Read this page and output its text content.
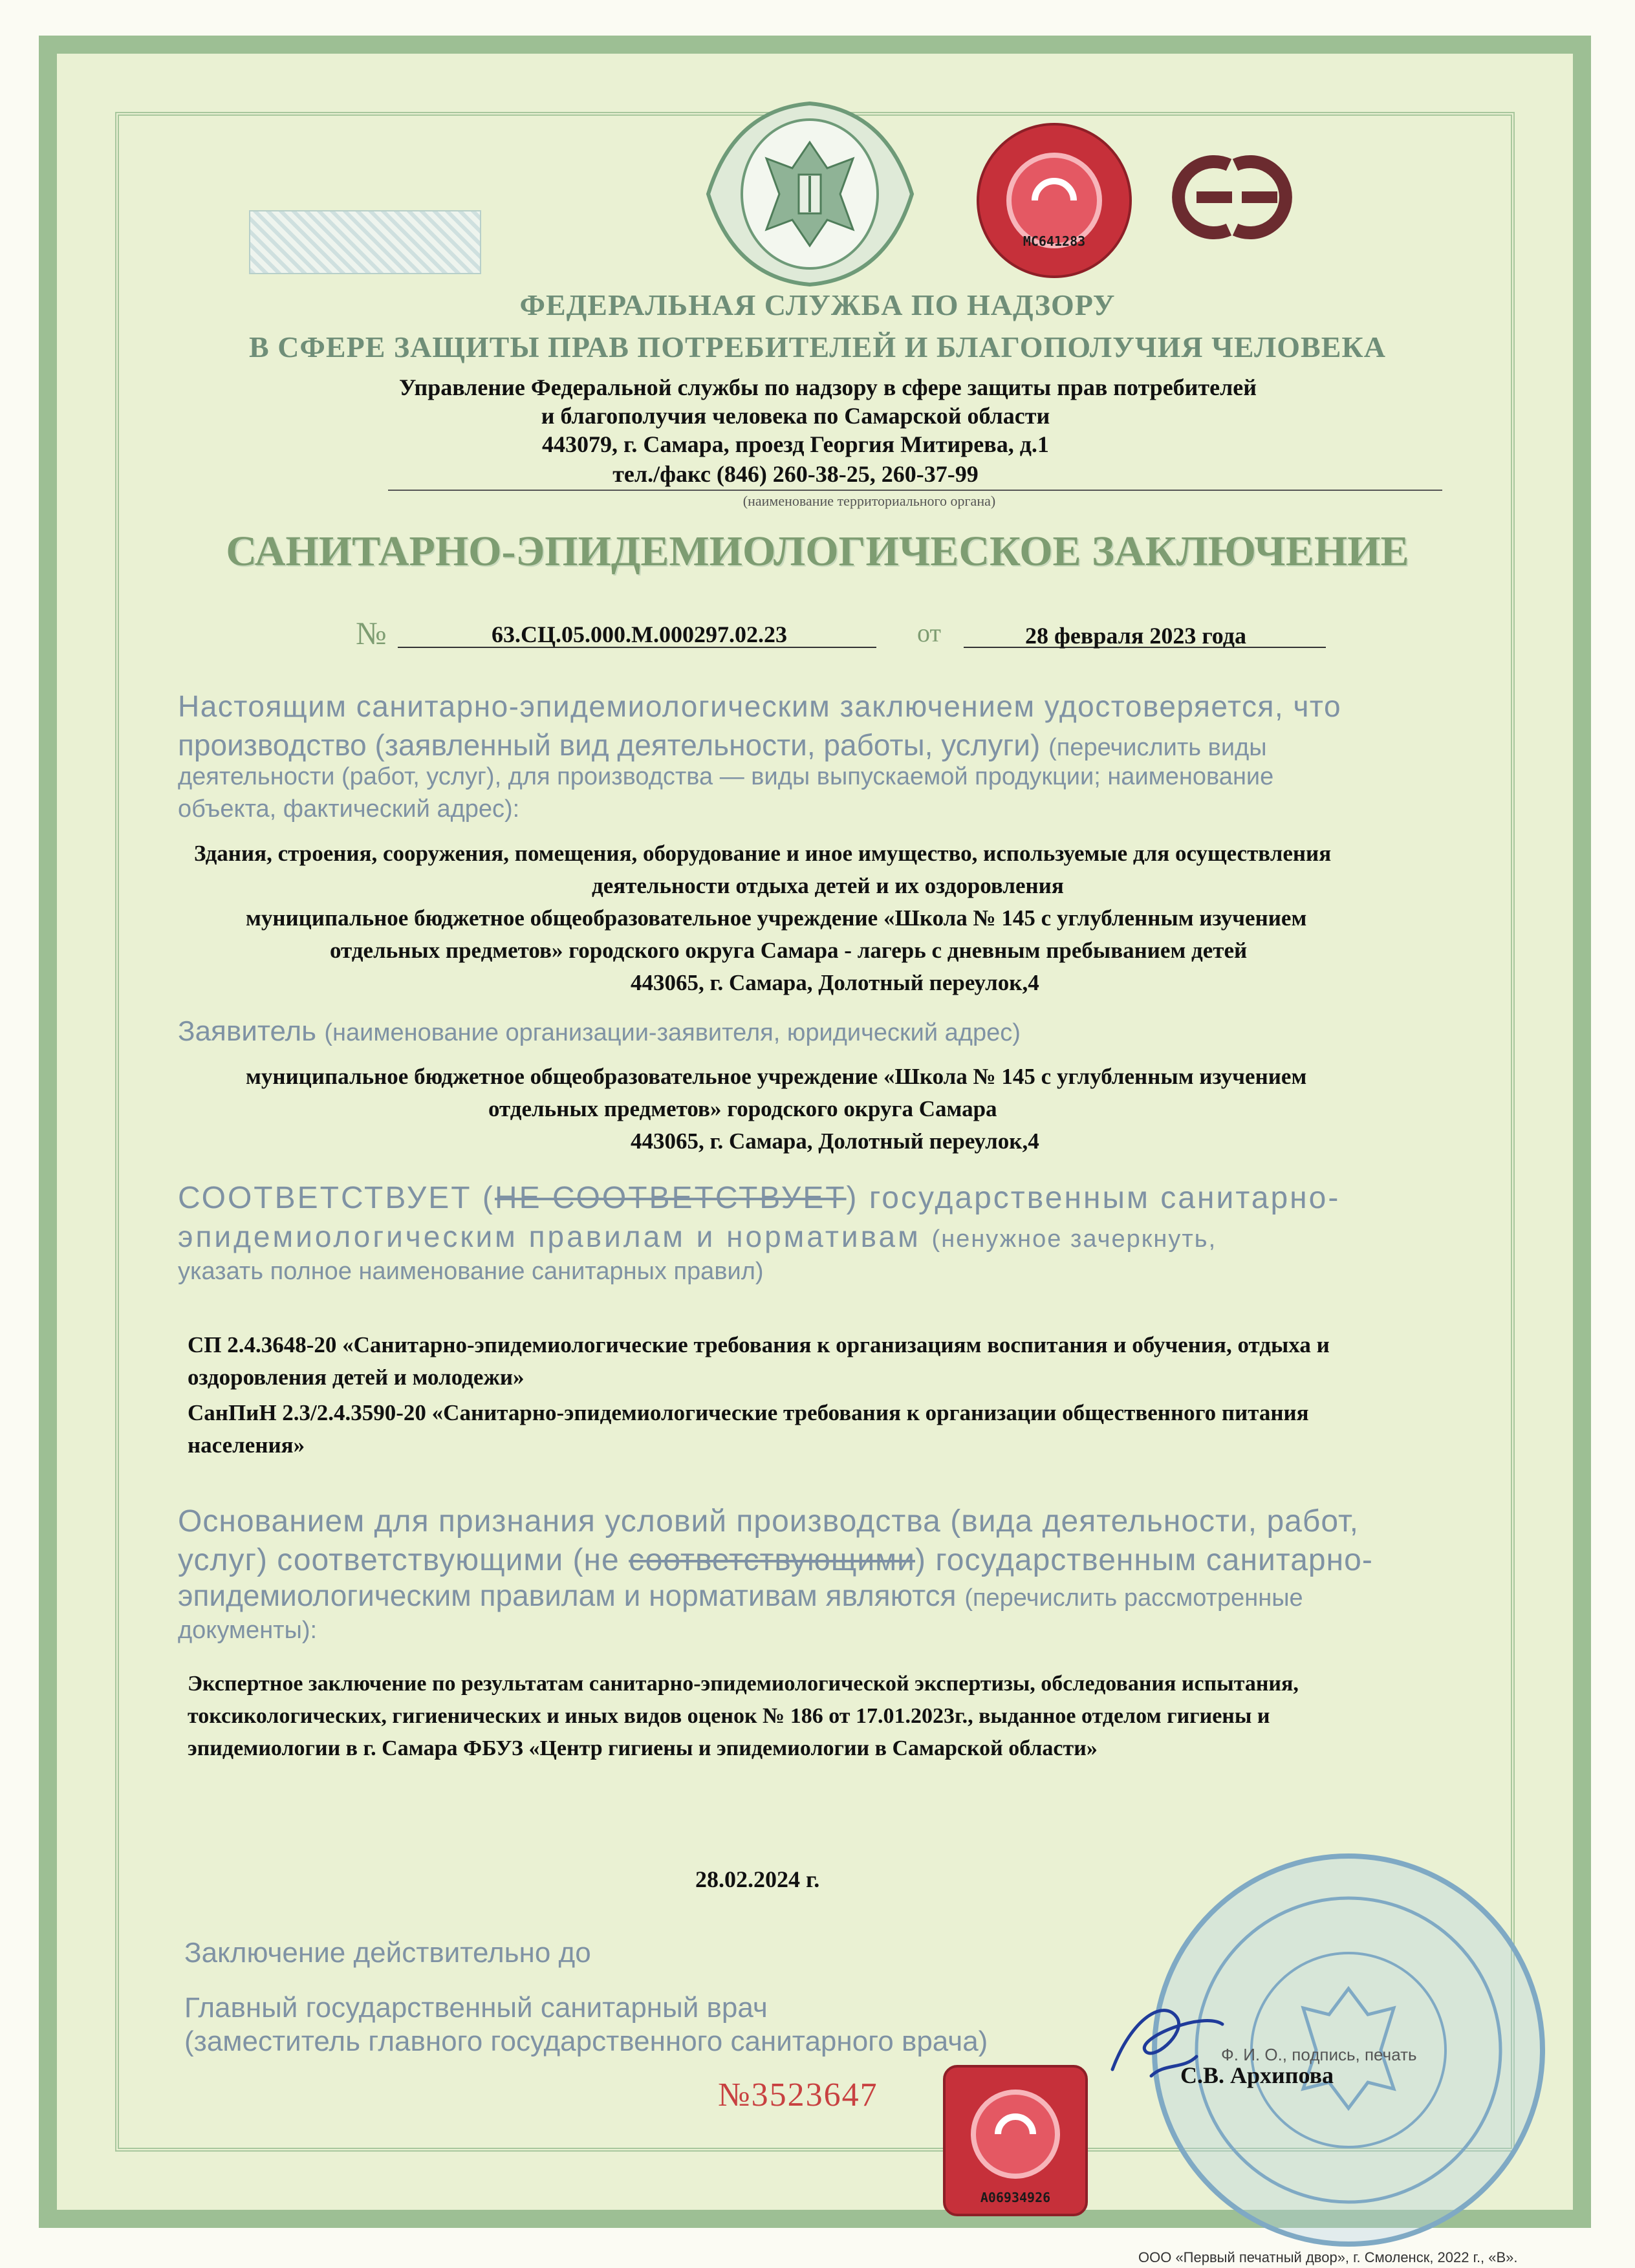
МС641283
ФЕДЕРАЛЬНАЯ СЛУЖБА ПО НАДЗОРУ
В СФЕРЕ ЗАЩИТЫ ПРАВ ПОТРЕБИТЕЛЕЙ И БЛАГОПОЛУЧИЯ ЧЕЛОВЕКА
Управление Федеральной службы по надзору в сфере защиты прав потребителей
и благополучия человека по Самарской области
443079, г. Самара, проезд Георгия Митирева, д.1
тел./факс (846) 260-38-25, 260-37-99
(наименование территориального органа)
САНИТАРНО-ЭПИДЕМИОЛОГИЧЕСКОЕ ЗАКЛЮЧЕНИЕ
№	63.СЦ.05.000.М.000297.02.23	от	28 февраля 2023 года
Настоящим санитарно-эпидемиологическим заключением удостоверяется, что
производство (заявленный вид деятельности, работы, услуги) (перечислить виды
деятельности (работ, услуг), для производства — виды выпускаемой продукции; наименование
объекта, фактический адрес):
Здания, строения, сооружения, помещения, оборудование и иное имущество, используемые для осуществления
деятельности отдыха детей и их оздоровления
муниципальное бюджетное общеобразовательное учреждение «Школа № 145 с углубленным изучением
отдельных предметов» городского округа Самара - лагерь с дневным пребыванием детей
443065, г. Самара, Долотный переулок,4
Заявитель (наименование организации-заявителя, юридический адрес)
муниципальное бюджетное общеобразовательное учреждение «Школа № 145 с углубленным изучением
отдельных предметов» городского округа Самара
443065, г. Самара, Долотный переулок,4
СООТВЕТСТВУЕТ (НЕ СООТВЕТСТВУЕТ) государственным санитарно-
эпидемиологическим правилам и нормативам (ненужное зачеркнуть,
указать полное наименование санитарных правил)
СП 2.4.3648-20 «Санитарно-эпидемиологические требования к организациям воспитания и обучения, отдыха и
оздоровления детей и молодежи»
СанПиН 2.3/2.4.3590-20 «Санитарно-эпидемиологические требования к организации общественного питания
населения»
Основанием для признания условий производства (вида деятельности, работ,
услуг) соответствующими (не соответствующими) государственным санитарно-
эпидемиологическим правилам и нормативам являются (перечислить рассмотренные
документы):
Экспертное заключение по результатам санитарно-эпидемиологической экспертизы, обследования испытания,
токсикологических, гигиенических и иных видов оценок № 186 от 17.01.2023г., выданное отделом гигиены и
эпидемиологии в г. Самара ФБУЗ «Центр гигиены и эпидемиологии в Самарской области»
28.02.2024 г.
Заключение действительно до
Главный государственный санитарный врач
(заместитель главного государственного санитарного врача)	Ф. И. О., подпись, печать
С.В. Архипова
А06934926
№3523647
ООО «Первый печатный двор», г. Смоленск, 2022 г., «В».
